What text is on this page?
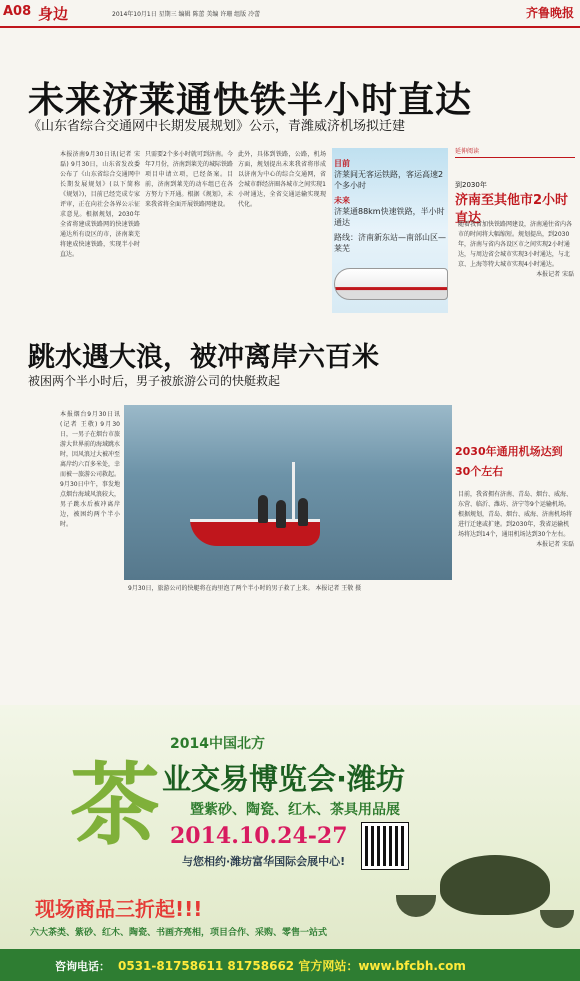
A08 身边	2014年10月1日 星期三 编辑 陈蕾 美编 许珊 组版 冷蕾	齐鲁晚报
未来济莱通快铁半小时直达
《山东省综合交通网中长期发展规划》公示，青潍威济机场拟迁建

本报济南9月30日讯(记者 宋磊) 9月30日，山东省发改委公布了《山东省综合交通网中长期发展规划》(以下简称《规划》)，目前已经完成专家评审，正在向社会各界公示征求意见。根据规划，2030年全省将建成铁路网的快速铁路通达所有设区的市，济南莱芜将建成快速铁路，实现半小时直达。

只需要2个多小时就可到济南。今年7月份，济南到莱芜的城际铁路项目申请立项，已经备案。目前，济南到莱芜的动车组已在各方努力下开通。根据《规划》，未来我省将全面开展铁路网建设。

此外，具体到铁路，公路，机场方面，规划提出未来我省将形成以济南为中心的综合交通网，省会城市群经济圈各城市之间实现1小时通达，全省交通运输实现现代化。

目前
济莱间无客运铁路，客运高速2个多小时
未来
济莱通88km快速铁路，半小时通达
路线：济南新东站—南部山区—莱芜
延伸阅读
到2030年
济南至其他市2小时直达

随着我省加快铁路网建设，济南通往省内各市的时间将大幅缩短。规划提出，到2030年，济南与省内各设区市之间实现2小时通达，与周边省会城市实现3小时通达，与北京、上海等特大城市实现4小时通达。

本报记者 宋磊

跳水遇大浪，被冲离岸六百米
被困两个半小时后，男子被旅游公司的快艇救起

本报烟台9月30日讯(记者 王敬) 9月30日，一男子在烟台市旅游大世界前的海域跳水时，因风浪过大被冲至离岸约六百多米处，幸而被一旅游公司救起。9月30日中午，事发地点烟台海域风浪较大，男子跳水后被冲离岸边，被困约两个半小时。

9月30日，旅游公司的快艇将在海里泡了两个半小时的男子救了上来。 本报记者 王敬 摄
2030年通用机场达到30个左右

目前，我省拥有济南、青岛、烟台、威海、东营、临沂、潍坊、济宁等9个运输机场。根据规划，青岛、烟台、威海、济南机场将进行迁建或扩建。到2030年，我省运输机场将达到14个，通用机场达到30个左右。

本报记者 宋磊

茶
2014中国北方
业交易博览会·潍坊
暨紫砂、陶瓷、红木、茶具用品展
2014.10.24-27
与您相约·潍坊富华国际会展中心!
现场商品三折起!!!
六大茶类、紫砂、红木、陶瓷、书画齐亮相，项目合作、采购、零售一站式
咨询电话： 0531-81758611 81758662 官方网站：www.bfcbh.com
